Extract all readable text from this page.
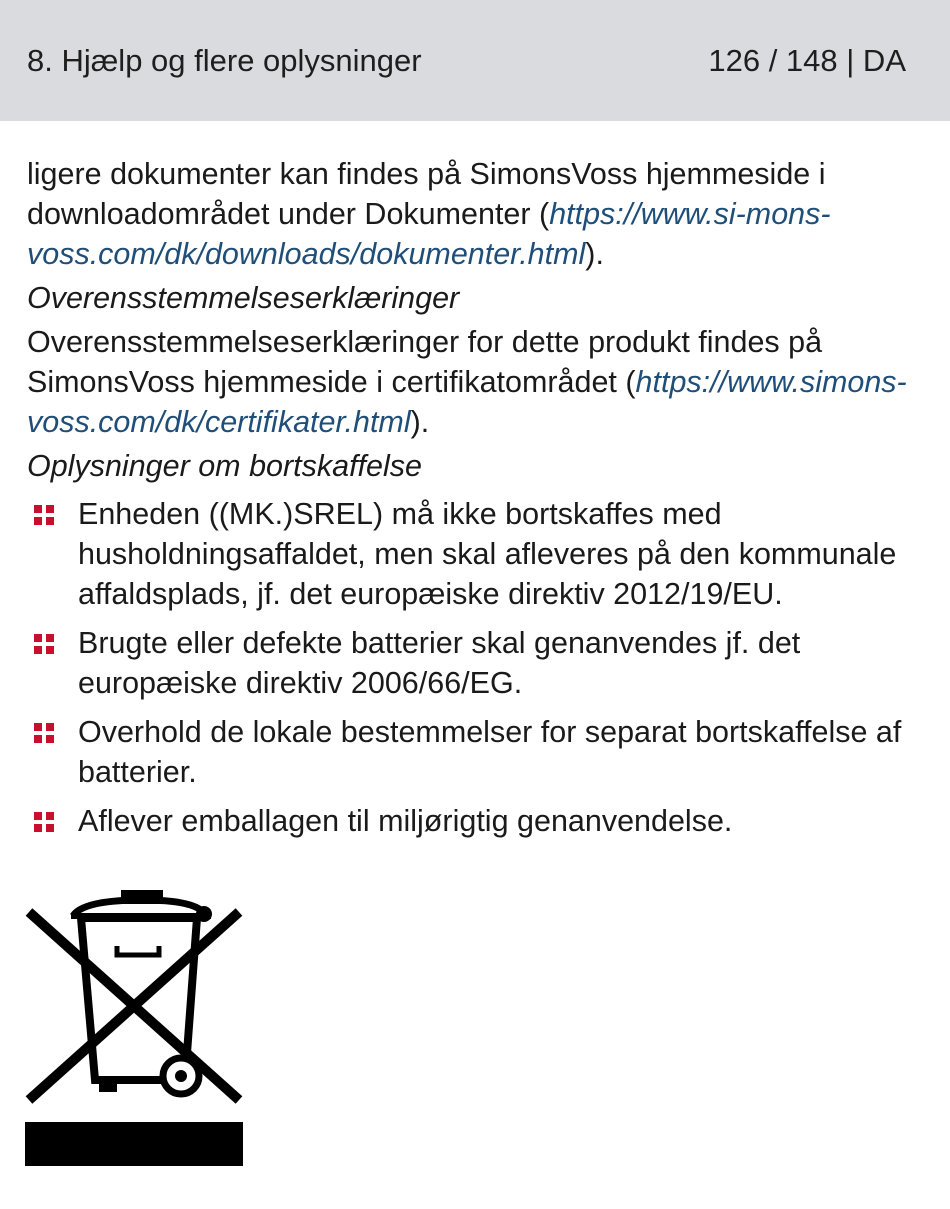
8. Hjælp og flere oplysninger	126 / 148 | DA

ligere dokumenter kan findes på SimonsVoss hjemmeside i downloadområdet under Dokumenter (https://www.si-mons-voss.com/dk/downloads/dokumenter.html).

Overensstemmelseserklæringer

Overensstemmelseserklæringer for dette produkt findes på SimonsVoss hjemmeside i certifikatområdet (https://www.simons-voss.com/dk/certifikater.html).

Oplysninger om bortskaffelse

Enheden ((MK.)SREL) må ikke bortskaffes med husholdningsaffaldet, men skal afleveres på den kommunale affaldsplads, jf. det europæiske direktiv 2012/19/EU.
Brugte eller defekte batterier skal genanvendes jf. det europæiske direktiv 2006/66/EG.
Overhold de lokale bestemmelser for separat bortskaffelse af batterier.
Aflever emballagen til miljørigtig genanvendelse.
